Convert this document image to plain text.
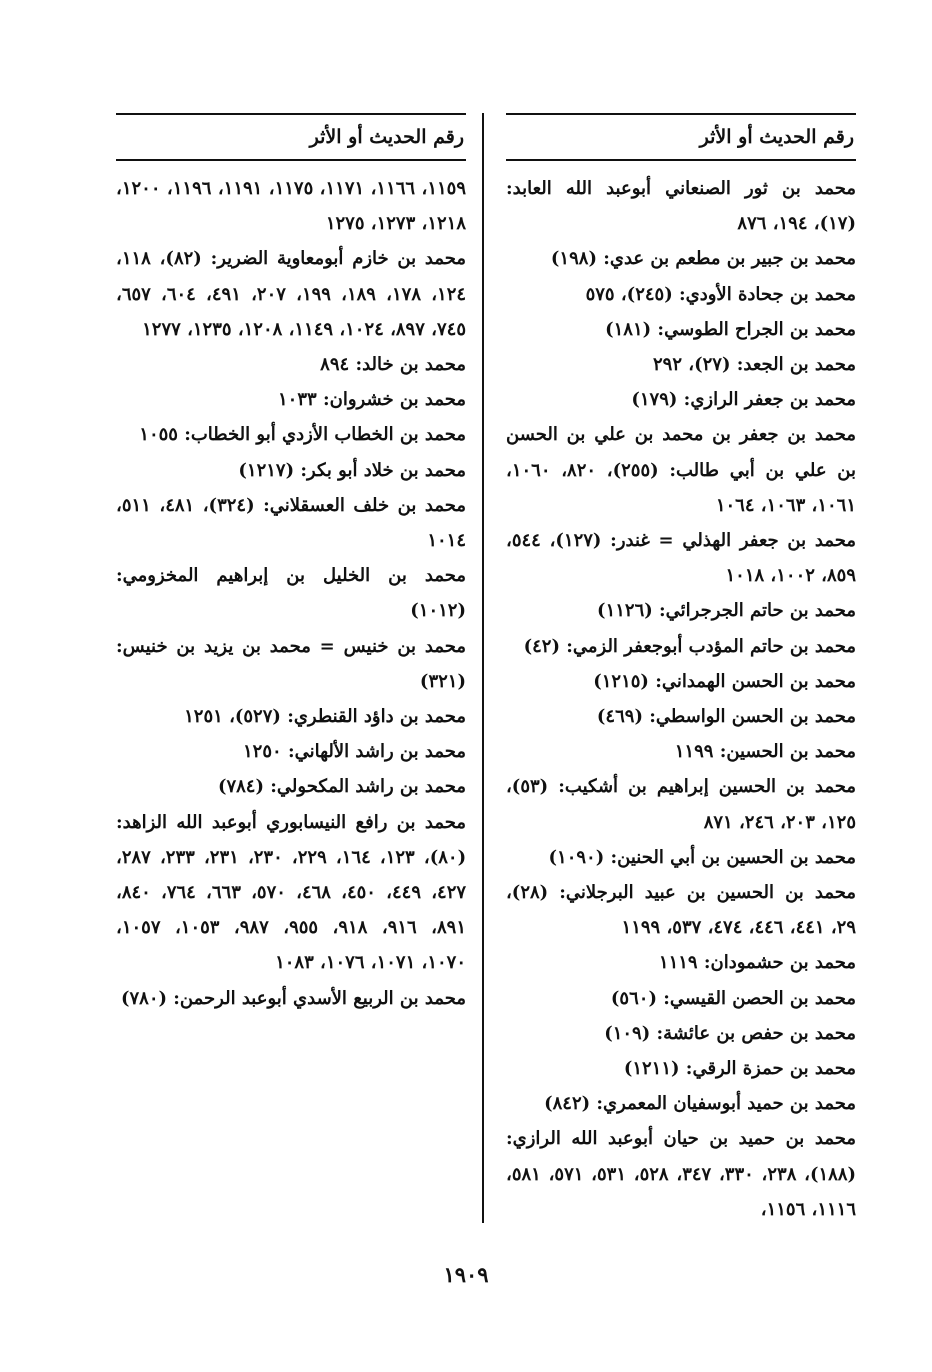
رقم الحديث أو الأثر
محمد بن ثور الصنعاني أبوعبد الله العابد: (١٧)، ١٩٤، ٨٧٦
محمد بن جبير بن مطعم بن عدي: (١٩٨)
محمد بن جحادة الأودي: (٢٤٥)، ٥٧٥
محمد بن الجراح الطوسي: (١٨١)
محمد بن الجعد: (٢٧)، ٢٩٢
محمد بن جعفر الرازي: (١٧٩)
محمد بن جعفر بن محمد بن علي بن الحسن بن علي بن أبي طالب: (٢٥٥)، ٨٢٠، ١٠٦٠، ١٠٦١، ١٠٦٣، ١٠٦٤
محمد بن جعفر الهذلي = غندر: (١٢٧)، ٥٤٤، ٨٥٩، ١٠٠٢، ١٠١٨
محمد بن حاتم الجرجرائي: (١١٢٦)
محمد بن حاتم المؤدب أبوجعفر الزمي: (٤٢)
محمد بن الحسن الهمداني: (١٢١٥)
محمد بن الحسن الواسطي: (٤٦٩)
محمد بن الحسين: ١١٩٩
محمد بن الحسين إبراهيم بن أشكيب: (٥٣)، ١٢٥، ٢٠٣، ٢٤٦، ٨٧١
محمد بن الحسين بن أبي الحنين: (١٠٩٠)
محمد بن الحسين بن عبيد البرجلاني: (٢٨)، ٢٩، ٤٤١، ٤٤٦، ٤٧٤، ٥٣٧، ١١٩٩
محمد بن حشمودان: ١١١٩
محمد بن الحصن القيسي: (٥٦٠)
محمد بن حفص بن عائشة: (١٠٩)
محمد بن حمزة الرقي: (١٢١١)
محمد بن حميد أبوسفيان المعمري: (٨٤٢)
محمد بن حميد بن حيان أبوعبد الله الرازي: (١٨٨)، ٢٣٨، ٣٣٠، ٣٤٧، ٥٢٨، ٥٣١، ٥٧١، ٥٨١، ١١١٦، ١١٥٦،
رقم الحديث أو الأثر
١١٥٩، ١١٦٦، ١١٧١، ١١٧٥، ١١٩١، ١١٩٦، ١٢٠٠، ١٢١٨، ١٢٧٣، ١٢٧٥
محمد بن خازم أبومعاوية الضرير: (٨٢)، ١١٨، ١٢٤، ١٧٨، ١٨٩، ١٩٩، ٢٠٧، ٤٩١، ٦٠٤، ٦٥٧، ٧٤٥، ٨٩٧، ١٠٢٤، ١١٤٩، ١٢٠٨، ١٢٣٥، ١٢٧٧
محمد بن خالد: ٨٩٤
محمد بن خشروان: ١٠٣٣
محمد بن الخطاب الأزدي أبو الخطاب: ١٠٥٥
محمد بن خلاد أبو بكر: (١٢١٧)
محمد بن خلف العسقلاني: (٣٢٤)، ٤٨١، ٥١١، ١٠١٤
محمد بن الخليل بن إبراهيم المخزومي: (١٠١٢)
محمد بن خنيس = محمد بن يزيد بن خنيس: (٣٢١)
محمد بن داؤد القنطري: (٥٢٧)، ١٢٥١
محمد بن راشد الألهاني: ١٢٥٠
محمد بن راشد المكحولي: (٧٨٤)
محمد بن رافع النيسابوري أبوعبد الله الزاهد: (٨٠)، ١٢٣، ١٦٤، ٢٢٩، ٢٣٠، ٢٣١، ٢٣٣، ٢٨٧، ٤٢٧، ٤٤٩، ٤٥٠، ٤٦٨، ٥٧٠، ٦٦٣، ٧٦٤، ٨٤٠، ٨٩١، ٩١٦، ٩١٨، ٩٥٥، ٩٨٧، ١٠٥٣، ١٠٥٧، ١٠٧٠، ١٠٧١، ١٠٧٦، ١٠٨٣
محمد بن الربيع الأسدي أبوعبد الرحمن: (٧٨٠)
١٩٠٩
